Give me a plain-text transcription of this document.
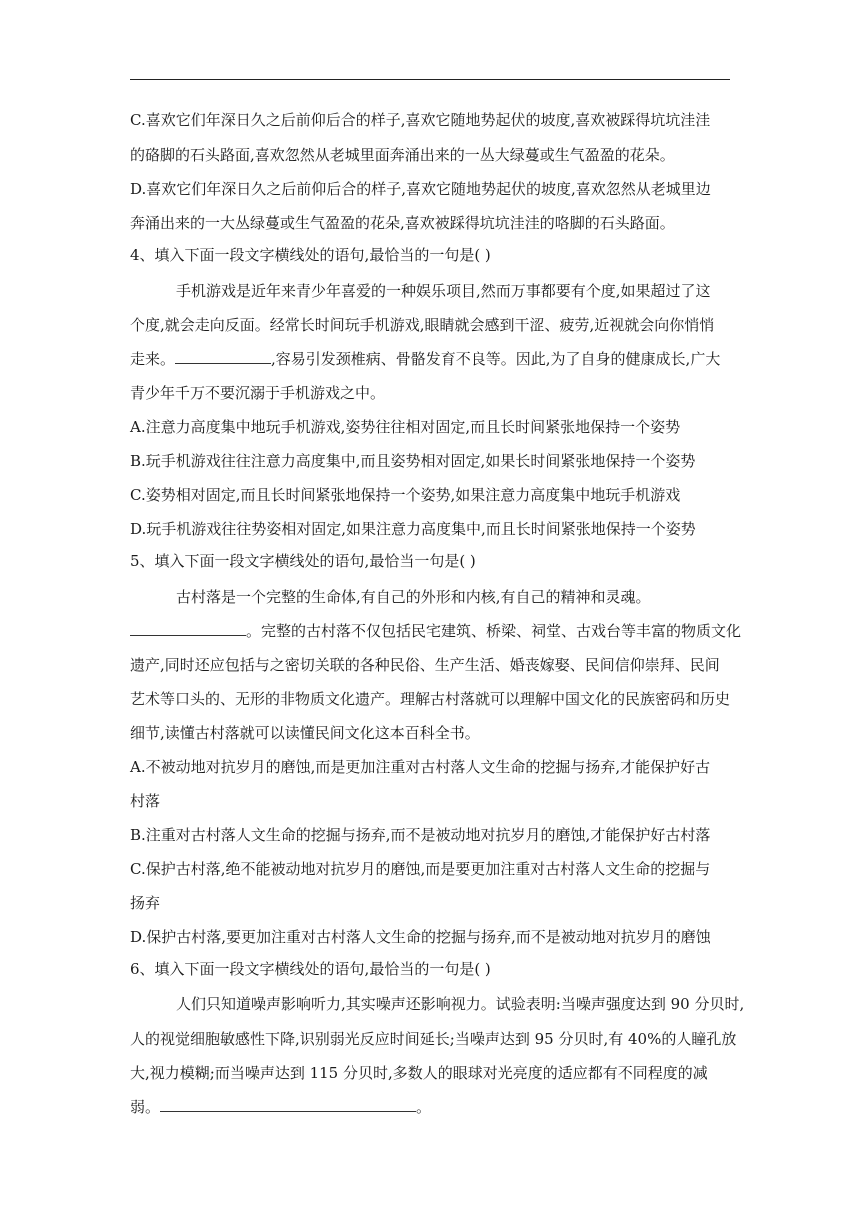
C.喜欢它们年深日久之后前仰后合的样子,喜欢它随地势起伏的坡度,喜欢被踩得坑坑洼洼
的硌脚的石头路面,喜欢忽然从老城里面奔涌出来的一丛大绿蔓或生气盈盈的花朵。
D.喜欢它们年深日久之后前仰后合的样子,喜欢它随地势起伏的坡度,喜欢忽然从老城里边
奔涌出来的一大丛绿蔓或生气盈盈的花朵,喜欢被踩得坑坑洼洼的咯脚的石头路面。
4、填入下面一段文字横线处的语句,最恰当的一句是( )
手机游戏是近年来青少年喜爱的一种娱乐项目,然而万事都要有个度,如果超过了这
个度,就会走向反面。经常长时间玩手机游戏,眼睛就会感到干涩、疲劳,近视就会向你悄悄
走来。	,容易引发颈椎病、骨骼发育不良等。因此,为了自身的健康成长,广大
青少年千万不要沉溺于手机游戏之中。
A.注意力高度集中地玩手机游戏,姿势往往相对固定,而且长时间紧张地保持一个姿势
B.玩手机游戏往往注意力高度集中,而且姿势相对固定,如果长时间紧张地保持一个姿势
C.姿势相对固定,而且长时间紧张地保持一个姿势,如果注意力高度集中地玩手机游戏
D.玩手机游戏往往势姿相对固定,如果注意力高度集中,而且长时间紧张地保持一个姿势
5、填入下面一段文字横线处的语句,最恰当一句是( )
古村落是一个完整的生命体,有自己的外形和内核,有自己的精神和灵魂。
。完整的古村落不仅包括民宅建筑、桥梁、祠堂、古戏台等丰富的物质文化
遗产,同时还应包括与之密切关联的各种民俗、生产生活、婚丧嫁娶、民间信仰崇拜、民间
艺术等口头的、无形的非物质文化遗产。理解古村落就可以理解中国文化的民族密码和历史
细节,读懂古村落就可以读懂民间文化这本百科全书。
A.不被动地对抗岁月的磨蚀,而是更加注重对古村落人文生命的挖掘与扬弃,才能保护好古
村落
B.注重对古村落人文生命的挖掘与扬弃,而不是被动地对抗岁月的磨蚀,才能保护好古村落
C.保护古村落,绝不能被动地对抗岁月的磨蚀,而是要更加注重对古村落人文生命的挖掘与
扬弃
D.保护古村落,要更加注重对古村落人文生命的挖掘与扬弃,而不是被动地对抗岁月的磨蚀
6、填入下面一段文字横线处的语句,最恰当的一句是( )
人们只知道噪声影响听力,其实噪声还影响视力。试验表明:当噪声强度达到 90 分贝时,
人的视觉细胞敏感性下降,识别弱光反应时间延长;当噪声达到 95 分贝时,有 40%的人瞳孔放
大,视力模糊;而当噪声达到 115 分贝时,多数人的眼球对光亮度的适应都有不同程度的减
弱。	。
